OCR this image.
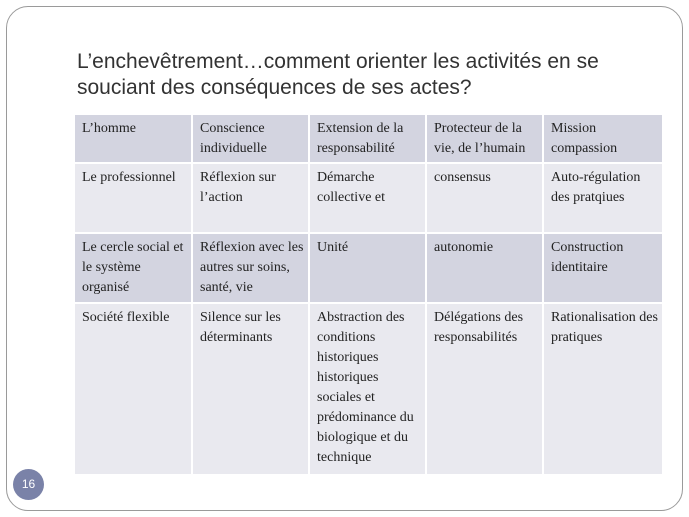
L’enchevêtrement…comment orienter les activités en se souciant des conséquences de ses actes?
L’homme	Conscience individuelle	Extension de la responsabilité	Protecteur de la vie, de l’humain	Mission compassion
Le professionnel	Réflexion sur l’action	Démarche collective et	consensus	Auto-régulation des pratqiues
Le cercle social et le système organisé	Réflexion avec les autres sur soins, santé, vie	Unité	autonomie	Construction identitaire
Société flexible	Silence sur les déterminants	Abstraction des conditions historiques historiques sociales et prédominance du biologique et du technique	Délégations des responsabilités	Rationalisation des pratiques
16
